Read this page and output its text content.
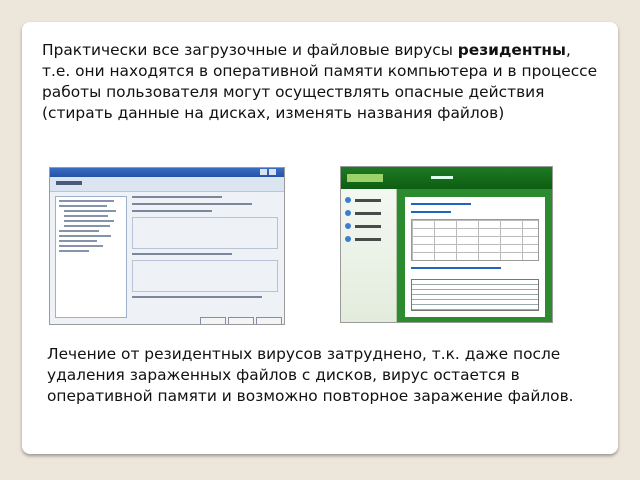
Практически все загрузочные и файловые вирусы резидентны, т.е. они находятся в оперативной памяти компьютера и в процессе работы пользователя могут осуществлять опасные действия (стирать данные на дисках, изменять названия файлов)

Лечение от резидентных вирусов затруднено, т.к. даже после удаления зараженных файлов с дисков, вирус остается в оперативной памяти и возможно повторное заражение файлов.
